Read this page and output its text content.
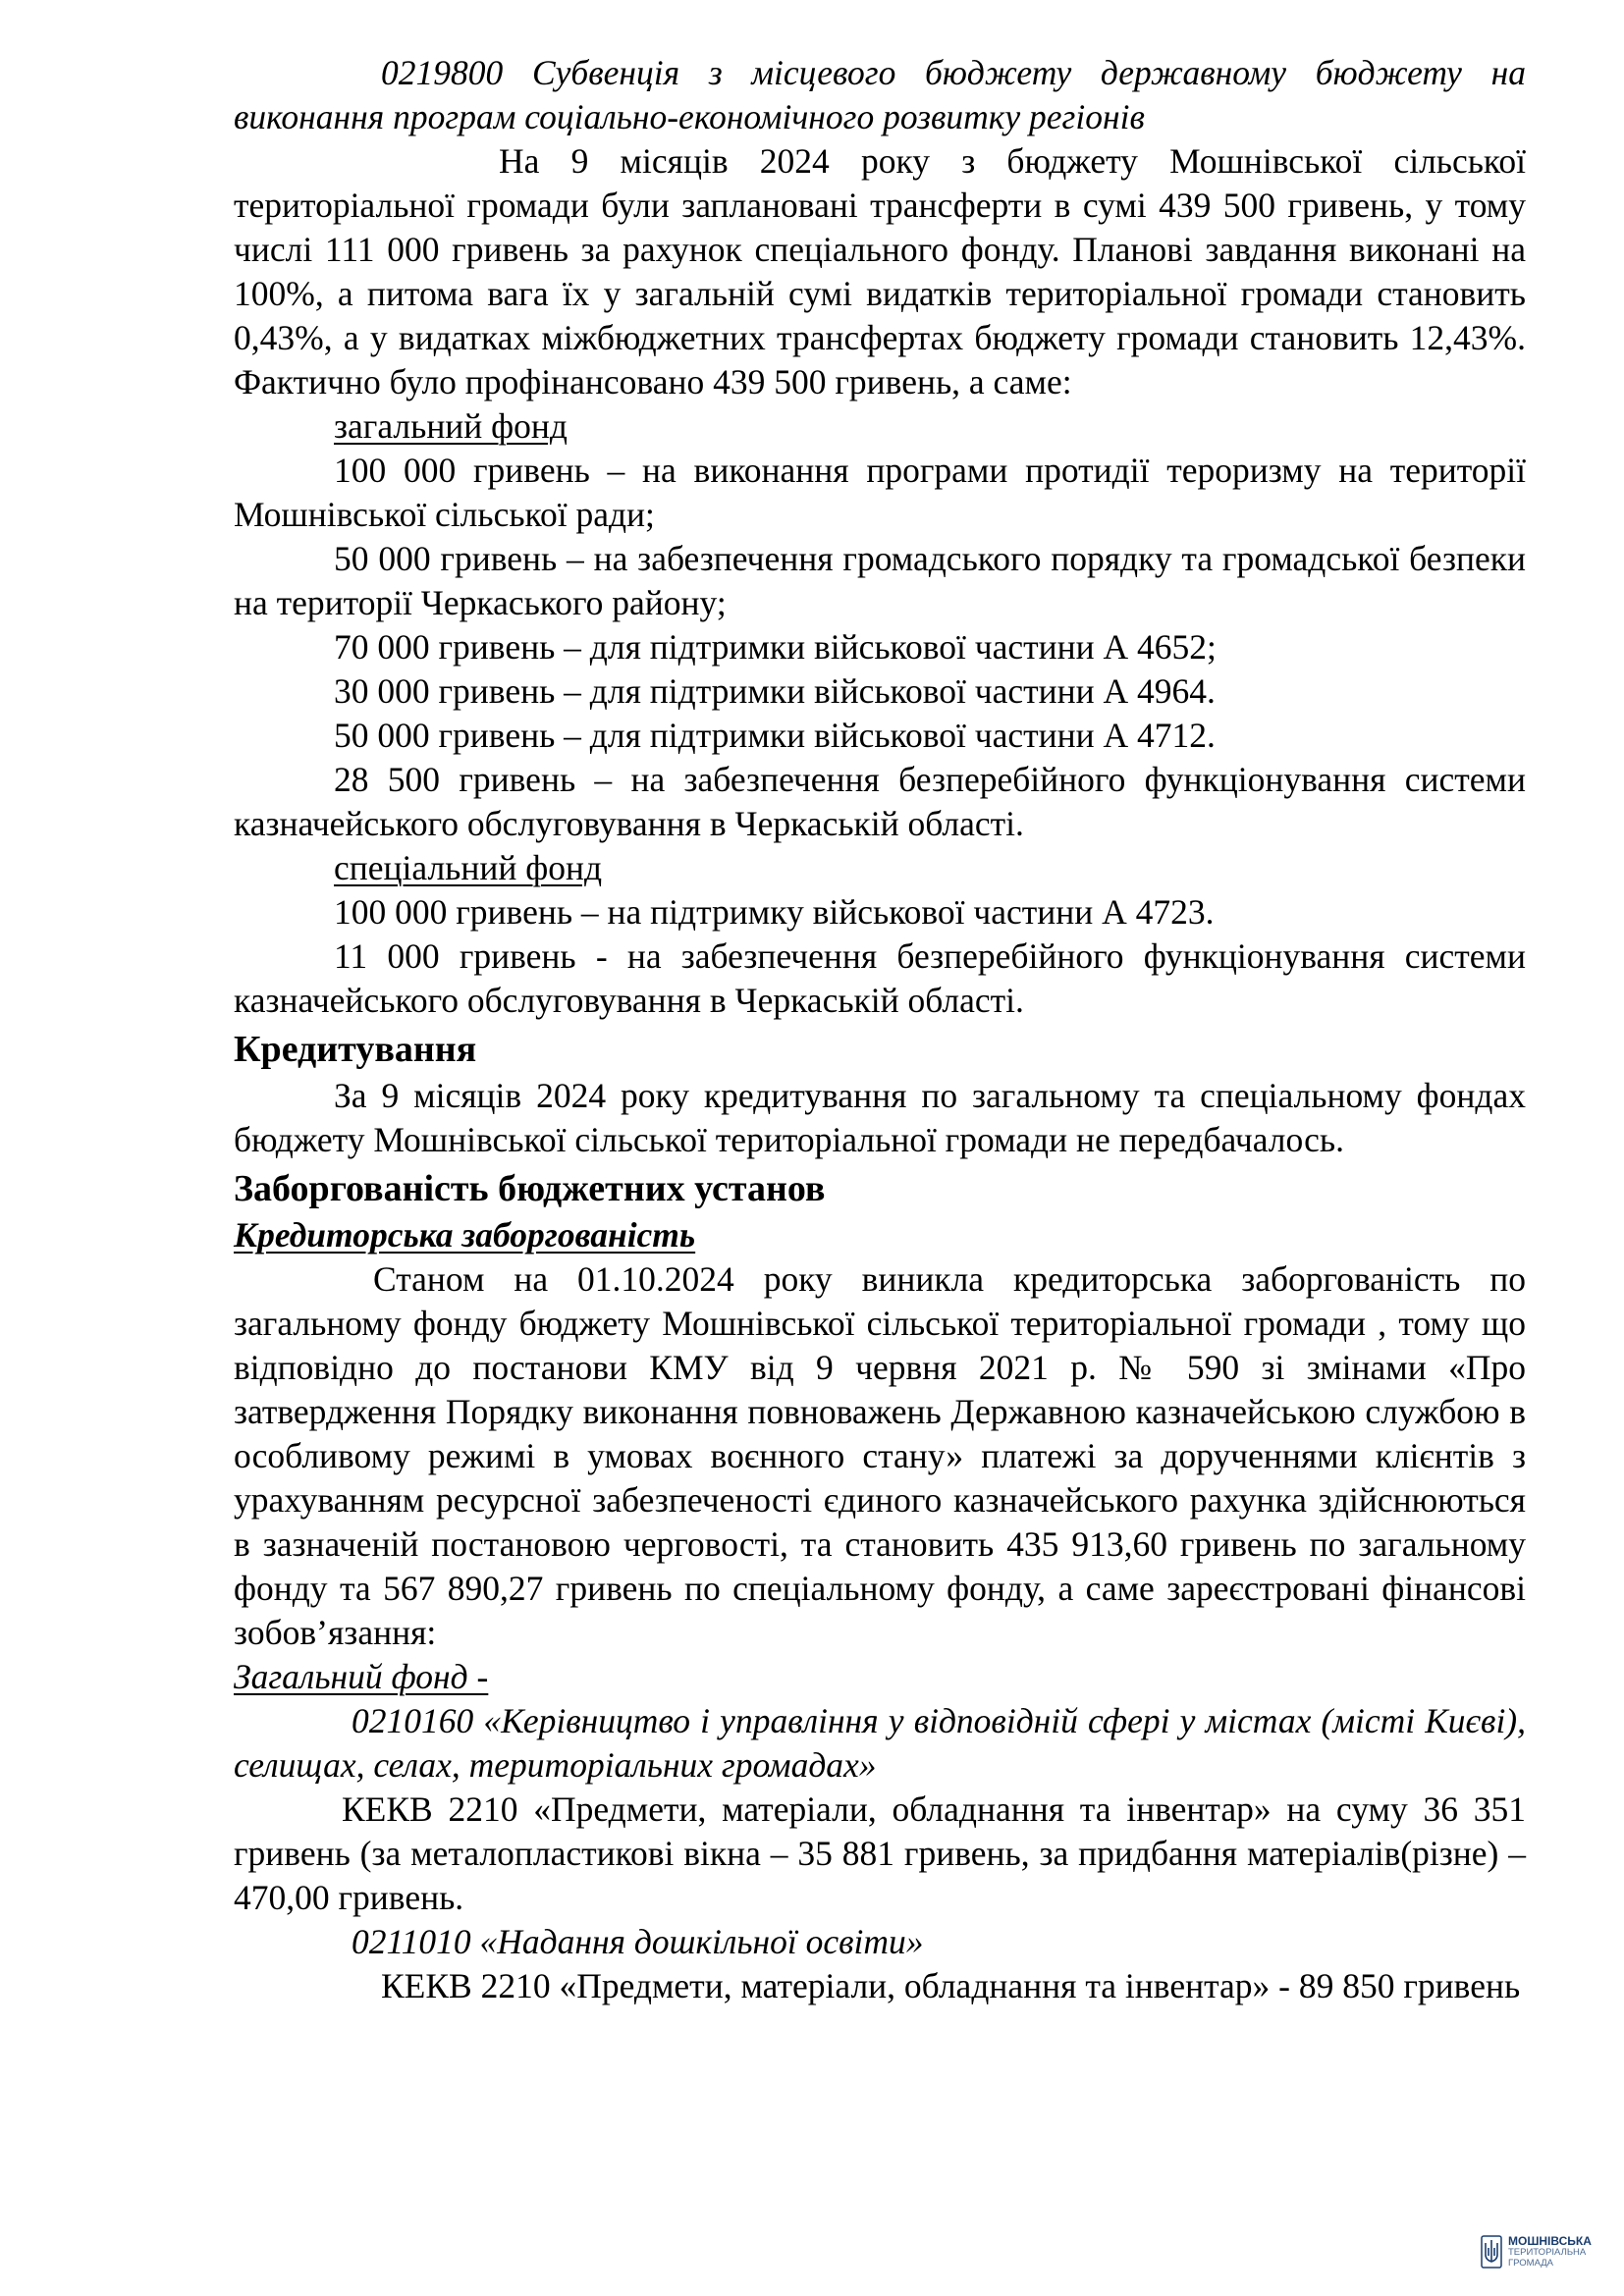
0219800 Субвенція з місцевого бюджету державному бюджету на виконання програм соціально-економічного розвитку регіонів

На 9 місяців 2024 року з бюджету Мошнівської сільської територіальної громади були заплановані трансферти в сумі 439 500 гривень, у тому числі 111 000 гривень за рахунок спеціального фонду. Планові завдання виконані на 100%, а питома вага їх у загальній сумі видатків територіальної громади становить 0,43%, а у видатках міжбюджетних трансфертах бюджету громади становить 12,43%. Фактично було профінансовано 439 500 гривень, а саме:

загальний фонд

100 000 гривень – на виконання програми протидії тероризму на території Мошнівської сільської ради;

50 000 гривень – на забезпечення громадського порядку та громадської безпеки на території Черкаського району;

70 000 гривень – для підтримки військової частини А 4652;

30 000 гривень – для підтримки військової частини А 4964.

50 000 гривень – для підтримки військової частини А 4712.

28 500 гривень – на забезпечення безперебійного функціонування системи казначейського обслуговування в Черкаській області.

спеціальний фонд

100 000 гривень – на підтримку військової частини А 4723.

11 000 гривень - на забезпечення безперебійного функціонування системи казначейського обслуговування в Черкаській області.

Кредитування

За 9 місяців 2024 року кредитування по загальному та спеціальному фондах бюджету Мошнівської сільської територіальної громади не передбачалось.

Заборгованість бюджетних установ

Кредиторська заборгованість

Станом на 01.10.2024 року виникла кредиторська заборгованість по загальному фонду бюджету Мошнівської сільської територіальної громади , тому що відповідно до постанови КМУ від 9 червня 2021 р. № 590 зі змінами «Про затвердження Порядку виконання повноважень Державною казначейською службою в особливому режимі в умовах воєнного стану» платежі за дорученнями клієнтів з урахуванням ресурсної забезпеченості єдиного казначейського рахунка здійснюються в зазначеній постановою черговості, та становить 435 913,60 гривень по загальному фонду та 567 890,27 гривень по спеціальному фонду, а саме зареєстровані фінансові зобов’язання:

Загальний фонд -

0210160 «Керівництво і управління у відповідній сфері у містах (місті Києві), селищах, селах, територіальних громадах»

КЕКВ 2210 «Предмети, матеріали, обладнання та інвентар» на суму 36 351 гривень (за металопластикові вікна – 35 881 гривень, за придбання матеріалів(різне) – 470,00 гривень.

0211010 «Надання дошкільної освіти»

КЕКВ 2210 «Предмети, матеріали, обладнання та інвентар» - 89 850 гривень

МОШНІВСЬКА
ТЕРИТОРІАЛЬНА
ГРОМАДА
